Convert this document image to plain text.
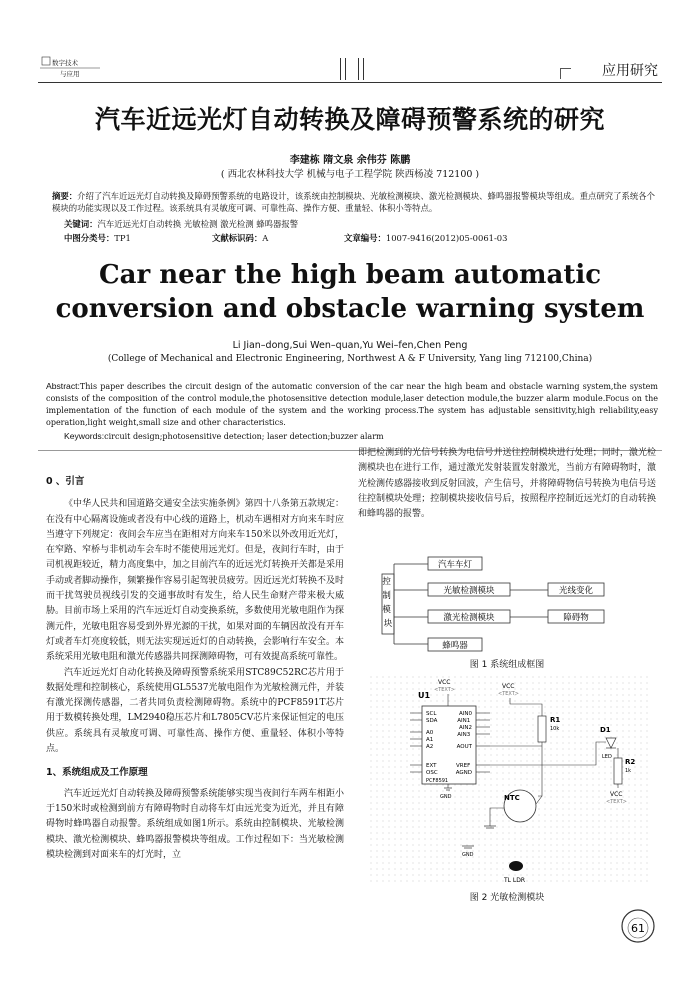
数字技术
与应用	应用研究
汽车近远光灯自动转换及障碍预警系统的研究
李建栋 隋文泉 余伟芬 陈鹏
( 西北农林科技大学 机械与电子工程学院 陕西杨凌 712100 )
摘要：介绍了汽车近远光灯自动转换及障碍预警系统的电路设计，该系统由控制模块、光敏检测模块、激光检测模块、蜂鸣器报警模块等组成。重点研究了系统各个模块的功能实现以及工作过程。该系统具有灵敏度可调、可靠性高、操作方便、重量轻、体积小等特点。
关键词：汽车近远光灯自动转换 光敏检测 激光检测 蜂鸣器报警
中图分类号：TP1	文献标识码：A	文章编号：1007-9416(2012)05-0061-03
Car near the high beam automatic
conversion and obstacle warning system
Li Jian–dong,Sui Wen–quan,Yu Wei–fen,Chen Peng
(College of Mechanical and Electronic Engineering, Northwest A & F University, Yang ling 712100,China)
Abstract:This paper describes the circuit design of the automatic conversion of the car near the high beam and obstacle warning system,the system consists of the composition of the control module,the photosensitive detection module,laser detection module,the buzzer alarm module.Focus on the implementation of the function of each module of the system and the working process.The system has adjustable sensitivity,high reliability,easy operation,light weight,small size and other characteristics.
Keywords:circuit design;photosensitive detection; laser detection;buzzer alarm
0 、引言

《中华人民共和国道路交通安全法实施条例》第四十八条第五款规定：在没有中心隔离设施或者没有中心线的道路上，机动车遇相对方向来车时应当遵守下列规定：夜间会车应当在距相对方向来车150米以外改用近光灯，在窄路、窄桥与非机动车会车时不能使用远光灯。但是，夜间行车时，由于司机视距较近，精力高度集中，加之目前汽车的近远光灯转换开关都是采用手动或者脚动操作，频繁操作容易引起驾驶员疲劳。因近远光灯转换不及时而干扰驾驶员视线引发的交通事故时有发生，给人民生命财产带来极大威胁。目前市场上采用的汽车远近灯自动变换系统，多数使用光敏电阻作为探测元件，光敏电阻容易受到外界光源的干扰，如果对面的车辆因故没有开车灯或者车灯亮度较低，则无法实现远近灯的自动转换，会影响行车安全。本系统采用光敏电阻和激光传感器共同探测障碍物，可有效提高系统可靠性。

汽车近远光灯自动化转换及障碍预警系统采用STC89C52RC芯片用于数据处理和控制核心，系统使用GL5537光敏电阻作为光敏检测元件，并装有激光探测传感器，二者共同负责检测障碍物。系统中的PCF8591T芯片用于数模转换处理，LM2940稳压芯片和L7805CV芯片来保证恒定的电压供应。系统具有灵敏度可调、可靠性高、操作方便、重量轻、体积小等特点。

1、系统组成及工作原理

汽车近远光灯自动转换及障碍预警系统能够实现当夜间行车两车相距小于150米时或检测到前方有障碍物时自动将车灯由远光变为近光，并且有障碍物时蜂鸣器自动报警。系统组成如图1所示。系统由控制模块、光敏检测模块、激光检测模块、蜂鸣器报警模块等组成。工作过程如下：当光敏检测模块检测到对面来车的灯光时，立

即把检测到的光信号转换为电信号并送往控制模块进行处理；同时，激光检测模块也在进行工作，通过激光发射装置发射激光，当前方有障碍物时，激光检测传感器接收到反射回波，产生信号，并将障碍物信号转换为电信号送往控制模块处理；控制模块接收信号后，按照程序控制近远光灯的自动转换和蜂鸣器的报警。

控 制 模 块
汽车车灯
光敏检测模块
激光检测模块
蜂鸣器
光线变化
障碍物
图 1 系统组成框图
U1
SCL SDA A0 A1 A2 EXT OSC
AIN0 AIN1 AIN2 AIN3 AOUT VREF AGND
PCF8591
VCC
<TEXT>	VCC
<TEXT>
R1
10k
NTC
D1
LED
R2
1k
VCC
<TEXT>
GND
GND
TL LDR
图 2 光敏检测模块
61
